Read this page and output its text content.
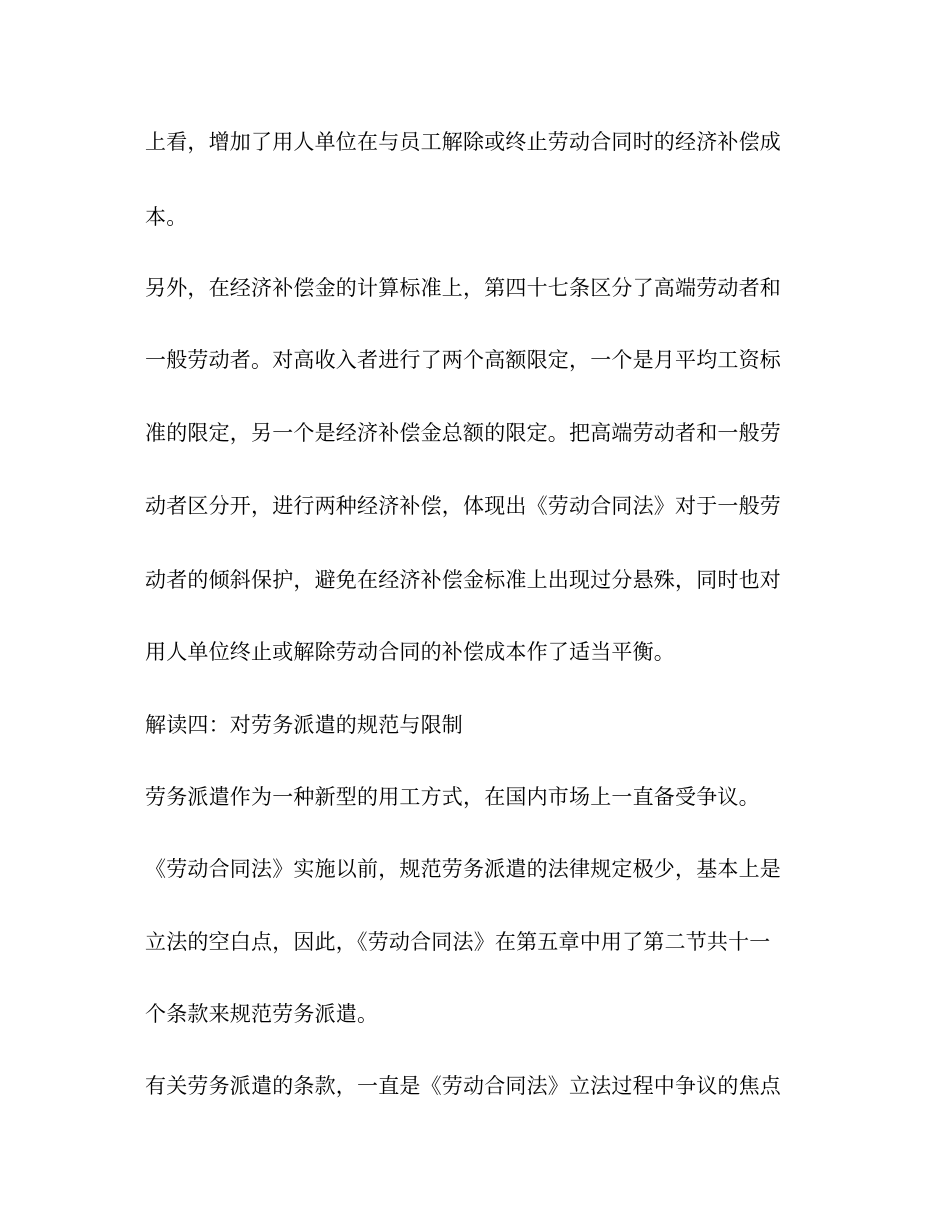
上看，增加了用人单位在与员工解除或终止劳动合同时的经济补偿成
本。
另外，在经济补偿金的计算标准上，第四十七条区分了高端劳动者和
一般劳动者。对高收入者进行了两个高额限定，一个是月平均工资标
准的限定，另一个是经济补偿金总额的限定。把高端劳动者和一般劳
动者区分开，进行两种经济补偿，体现出《劳动合同法》对于一般劳
动者的倾斜保护，避免在经济补偿金标准上出现过分悬殊，同时也对
用人单位终止或解除劳动合同的补偿成本作了适当平衡。
解读四：对劳务派遣的规范与限制
劳务派遣作为一种新型的用工方式，在国内市场上一直备受争议。
《劳动合同法》实施以前，规范劳务派遣的法律规定极少，基本上是
立法的空白点，因此，《劳动合同法》在第五章中用了第二节共十一
个条款来规范劳务派遣。
有关劳务派遣的条款，一直是《劳动合同法》立法过程中争议的焦点
